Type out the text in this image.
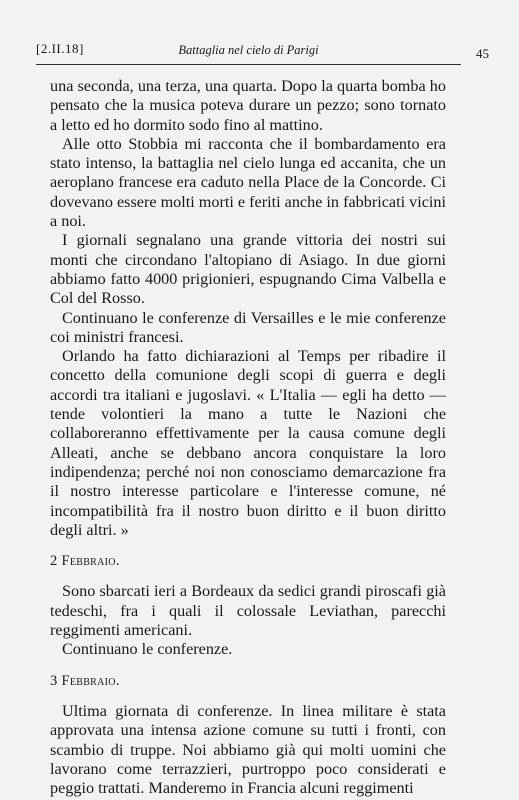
[2.II.18]	Battaglia nel cielo di Parigi	45

una seconda, una terza, una quarta. Dopo la quarta bomba ho pensato che la musica poteva durare un pezzo; sono tornato a letto ed ho dormito sodo fino al mattino.

Alle otto Stobbia mi racconta che il bombardamento era stato intenso, la battaglia nel cielo lunga ed accanita, che un aeroplano francese era caduto nella Place de la Concorde. Ci dovevano essere molti morti e feriti anche in fabbricati vicini a noi.

I giornali segnalano una grande vittoria dei nostri sui monti che circondano l'altopiano di Asiago. In due giorni abbiamo fatto 4000 prigionieri, espugnando Cima Valbella e Col del Rosso.

Continuano le conferenze di Versailles e le mie conferenze coi ministri francesi.

Orlando ha fatto dichiarazioni al Temps per ribadire il concetto della comunione degli scopi di guerra e degli accordi tra italiani e jugoslavi. « L'Italia — egli ha detto — tende volontieri la mano a tutte le Nazioni che collaboreranno effettivamente per la causa comune degli Alleati, anche se debbano ancora conquistare la loro indipendenza; perché noi non conosciamo demarcazione fra il nostro interesse particolare e l'interesse comune, né incompatibilità fra il nostro buon diritto e il buon diritto degli altri. »

2 Febbraio.

Sono sbarcati ieri a Bordeaux da sedici grandi piroscafi già tedeschi, fra i quali il colossale Leviathan, parecchi reggimenti americani.

Continuano le conferenze.

3 Febbraio.

Ultima giornata di conferenze. In linea militare è stata approvata una intensa azione comune su tutti i fronti, con scambio di truppe. Noi abbiamo già qui molti uomini che lavorano come terrazzieri, purtroppo poco considerati e peggio trattati. Manderemo in Francia alcuni reggimenti
